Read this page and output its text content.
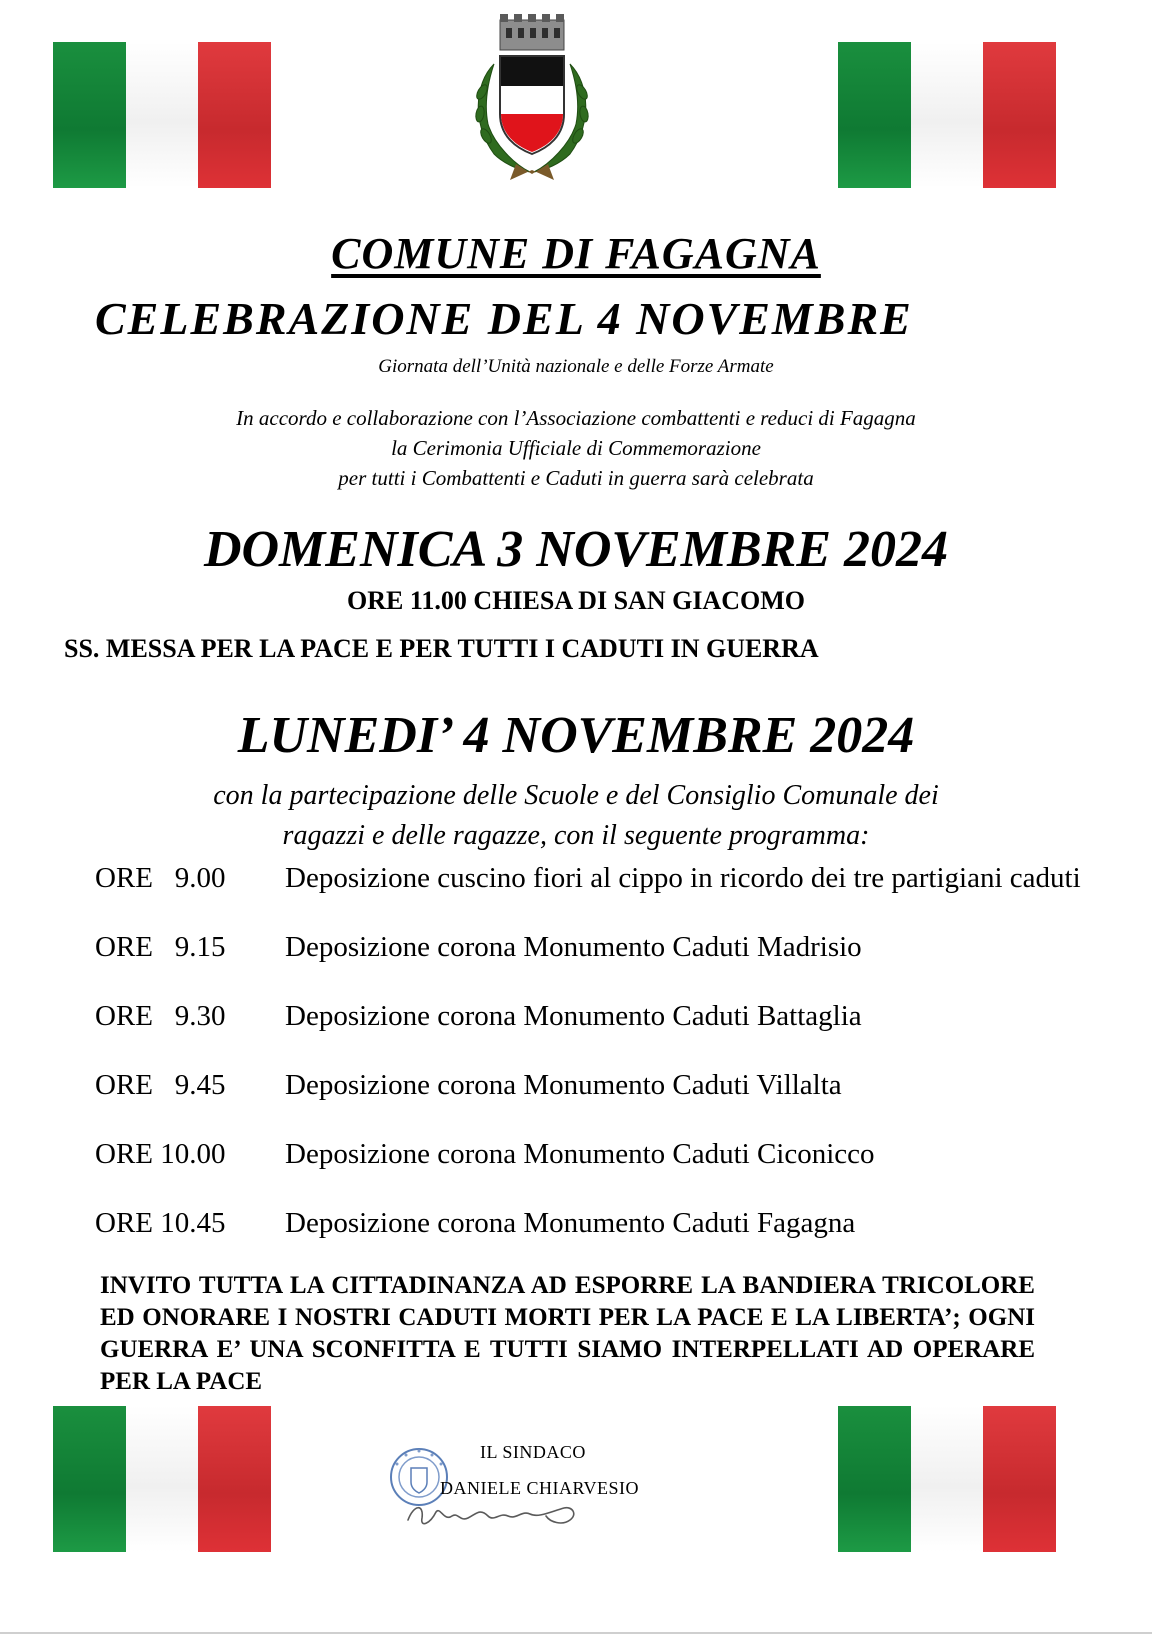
COMUNE DI FAGAGNA
CELEBRAZIONE DEL 4 NOVEMBRE
Giornata dell’Unità nazionale e delle Forze Armate
In accordo e collaborazione con l’Associazione combattenti e reduci di Fagagna
la Cerimonia Ufficiale di Commemorazione
per tutti i Combattenti e Caduti in guerra sarà celebrata
DOMENICA 3 NOVEMBRE 2024
ORE 11.00 CHIESA DI SAN GIACOMO
SS. MESSA PER LA PACE E PER TUTTI I CADUTI IN GUERRA
LUNEDI’ 4 NOVEMBRE 2024
con la partecipazione delle Scuole e del Consiglio Comunale dei
ragazzi e delle ragazze, con il seguente programma:
ORE   9.00	Deposizione cuscino fiori al cippo in ricordo dei tre partigiani caduti
ORE   9.15	Deposizione corona Monumento Caduti Madrisio
ORE   9.30	Deposizione corona Monumento Caduti Battaglia
ORE   9.45	Deposizione corona Monumento Caduti Villalta
ORE 10.00	Deposizione corona Monumento Caduti Ciconicco
ORE 10.45	Deposizione corona Monumento Caduti Fagagna
INVITO TUTTA LA CITTADINANZA AD ESPORRE LA BANDIERA TRICOLORE ED ONORARE I NOSTRI CADUTI MORTI PER LA PACE E LA LIBERTA’; OGNI GUERRA E’ UNA SCONFITTA E TUTTI SIAMO INTERPELLATI AD OPERARE PER LA PACE
IL SINDACO
DANIELE CHIARVESIO
